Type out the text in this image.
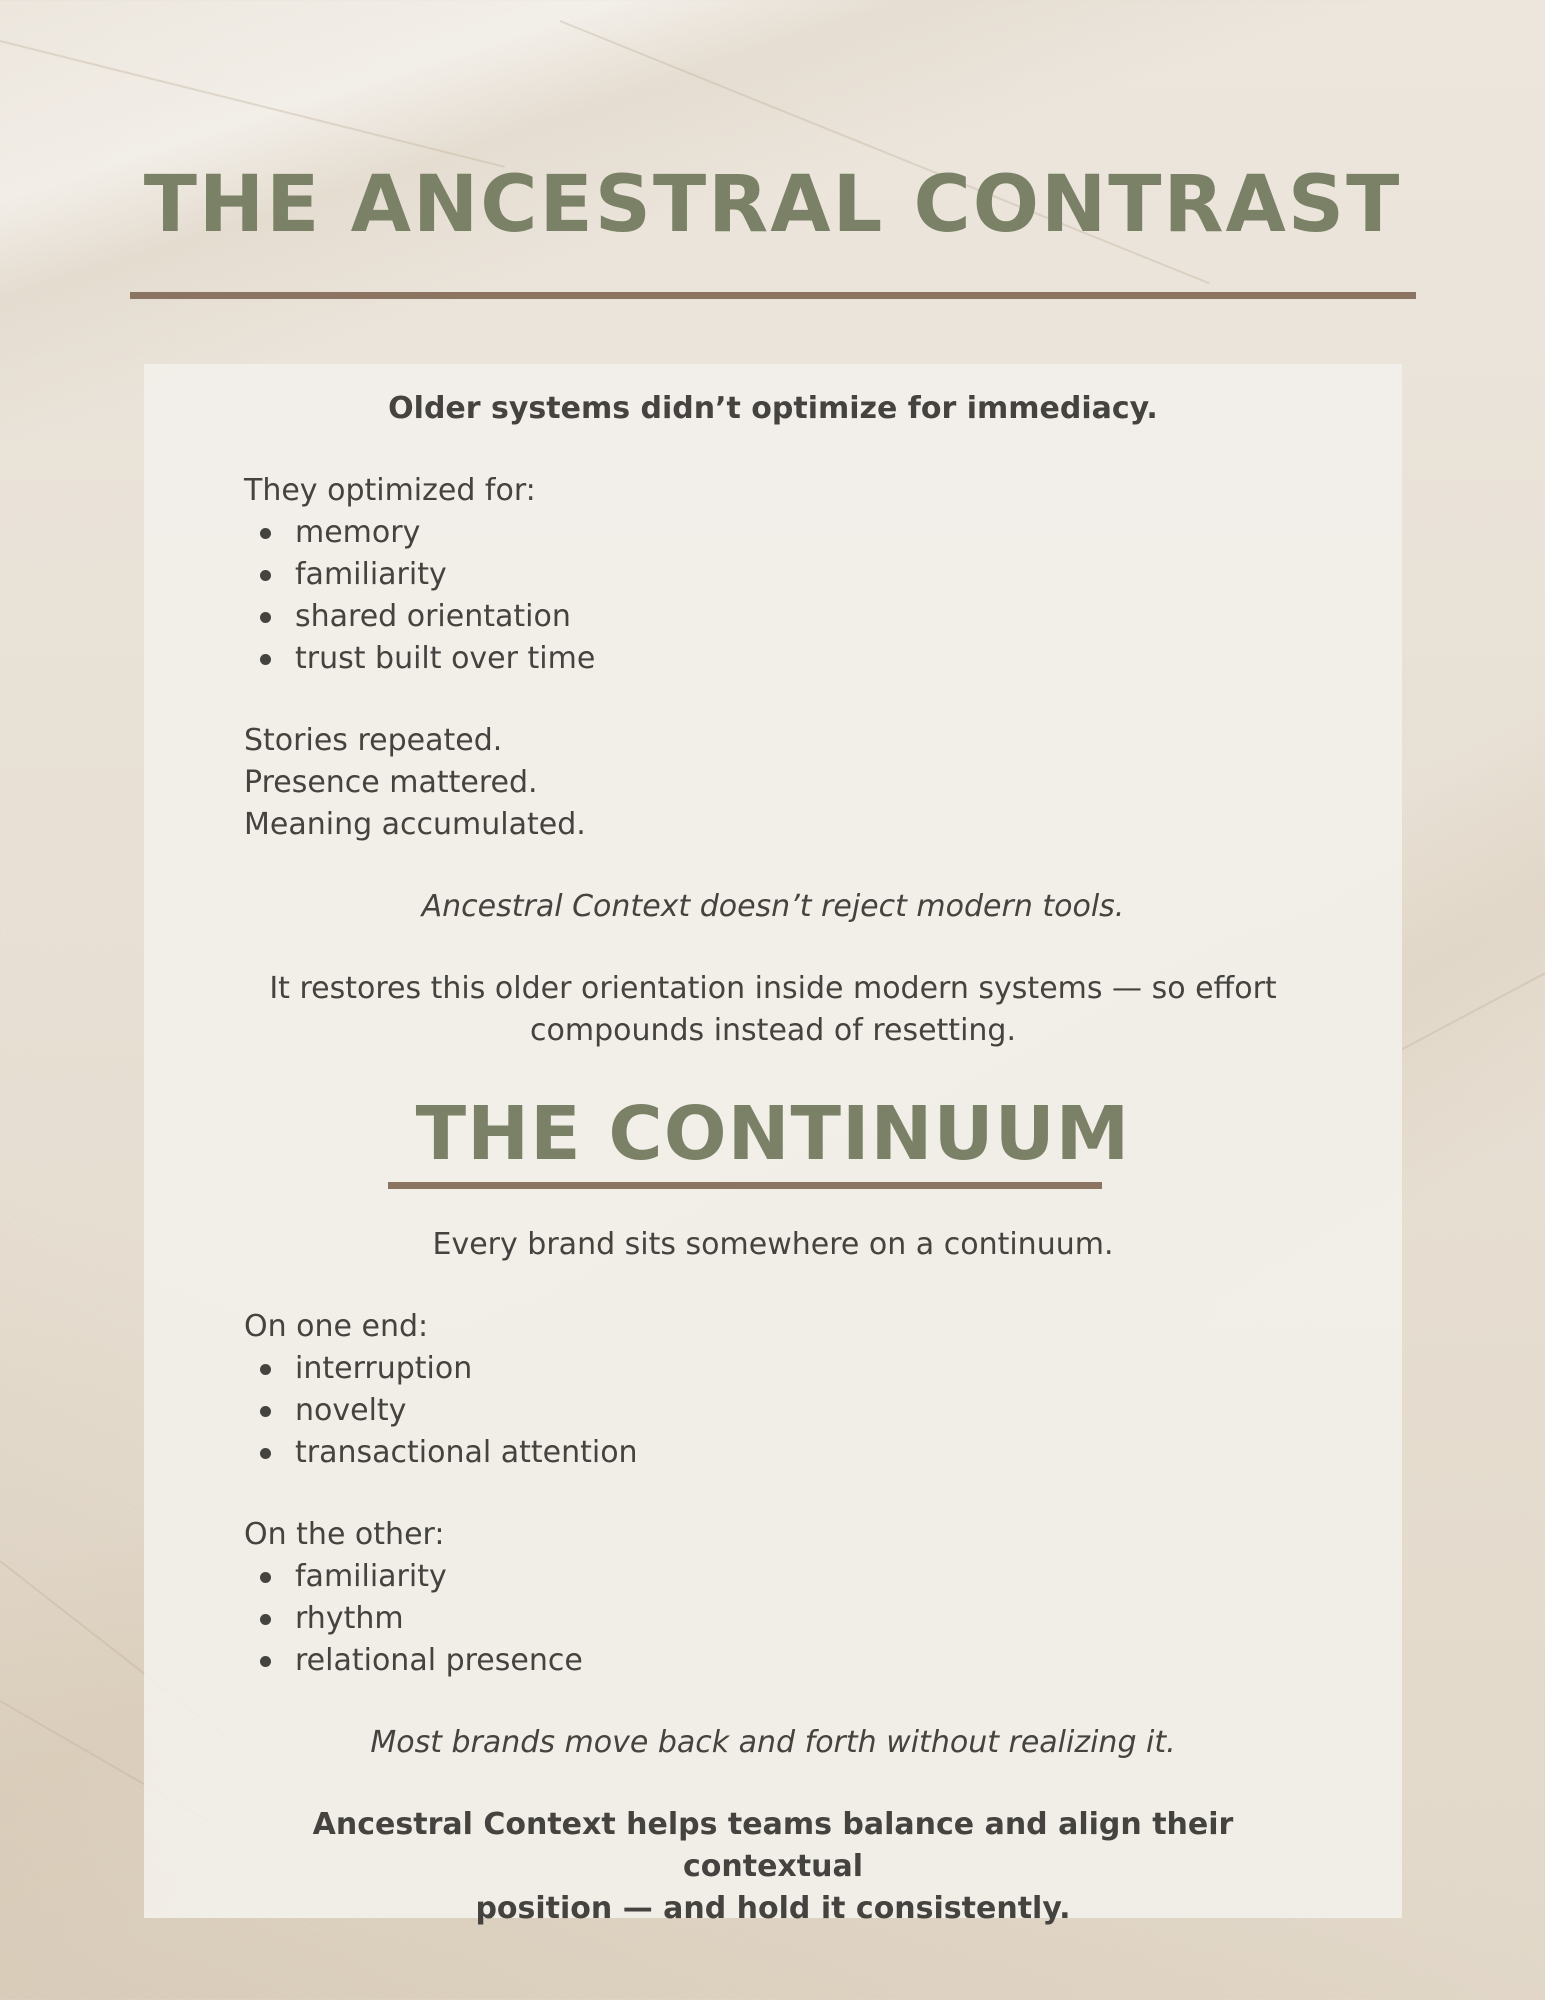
THE ANCESTRAL CONTRAST
Older systems didn’t optimize for immediacy.
They optimized for:
memory
familiarity
shared orientation
trust built over time
Stories repeated.
Presence mattered.
Meaning accumulated.
Ancestral Context doesn’t reject modern tools.
It restores this older orientation inside modern systems — so effort
compounds instead of resetting.
THE CONTINUUM
Every brand sits somewhere on a continuum.
On one end:
interruption
novelty
transactional attention
On the other:
familiarity
rhythm
relational presence
Most brands move back and forth without realizing it.
Ancestral Context helps teams balance and align their contextual
position — and hold it consistently.
